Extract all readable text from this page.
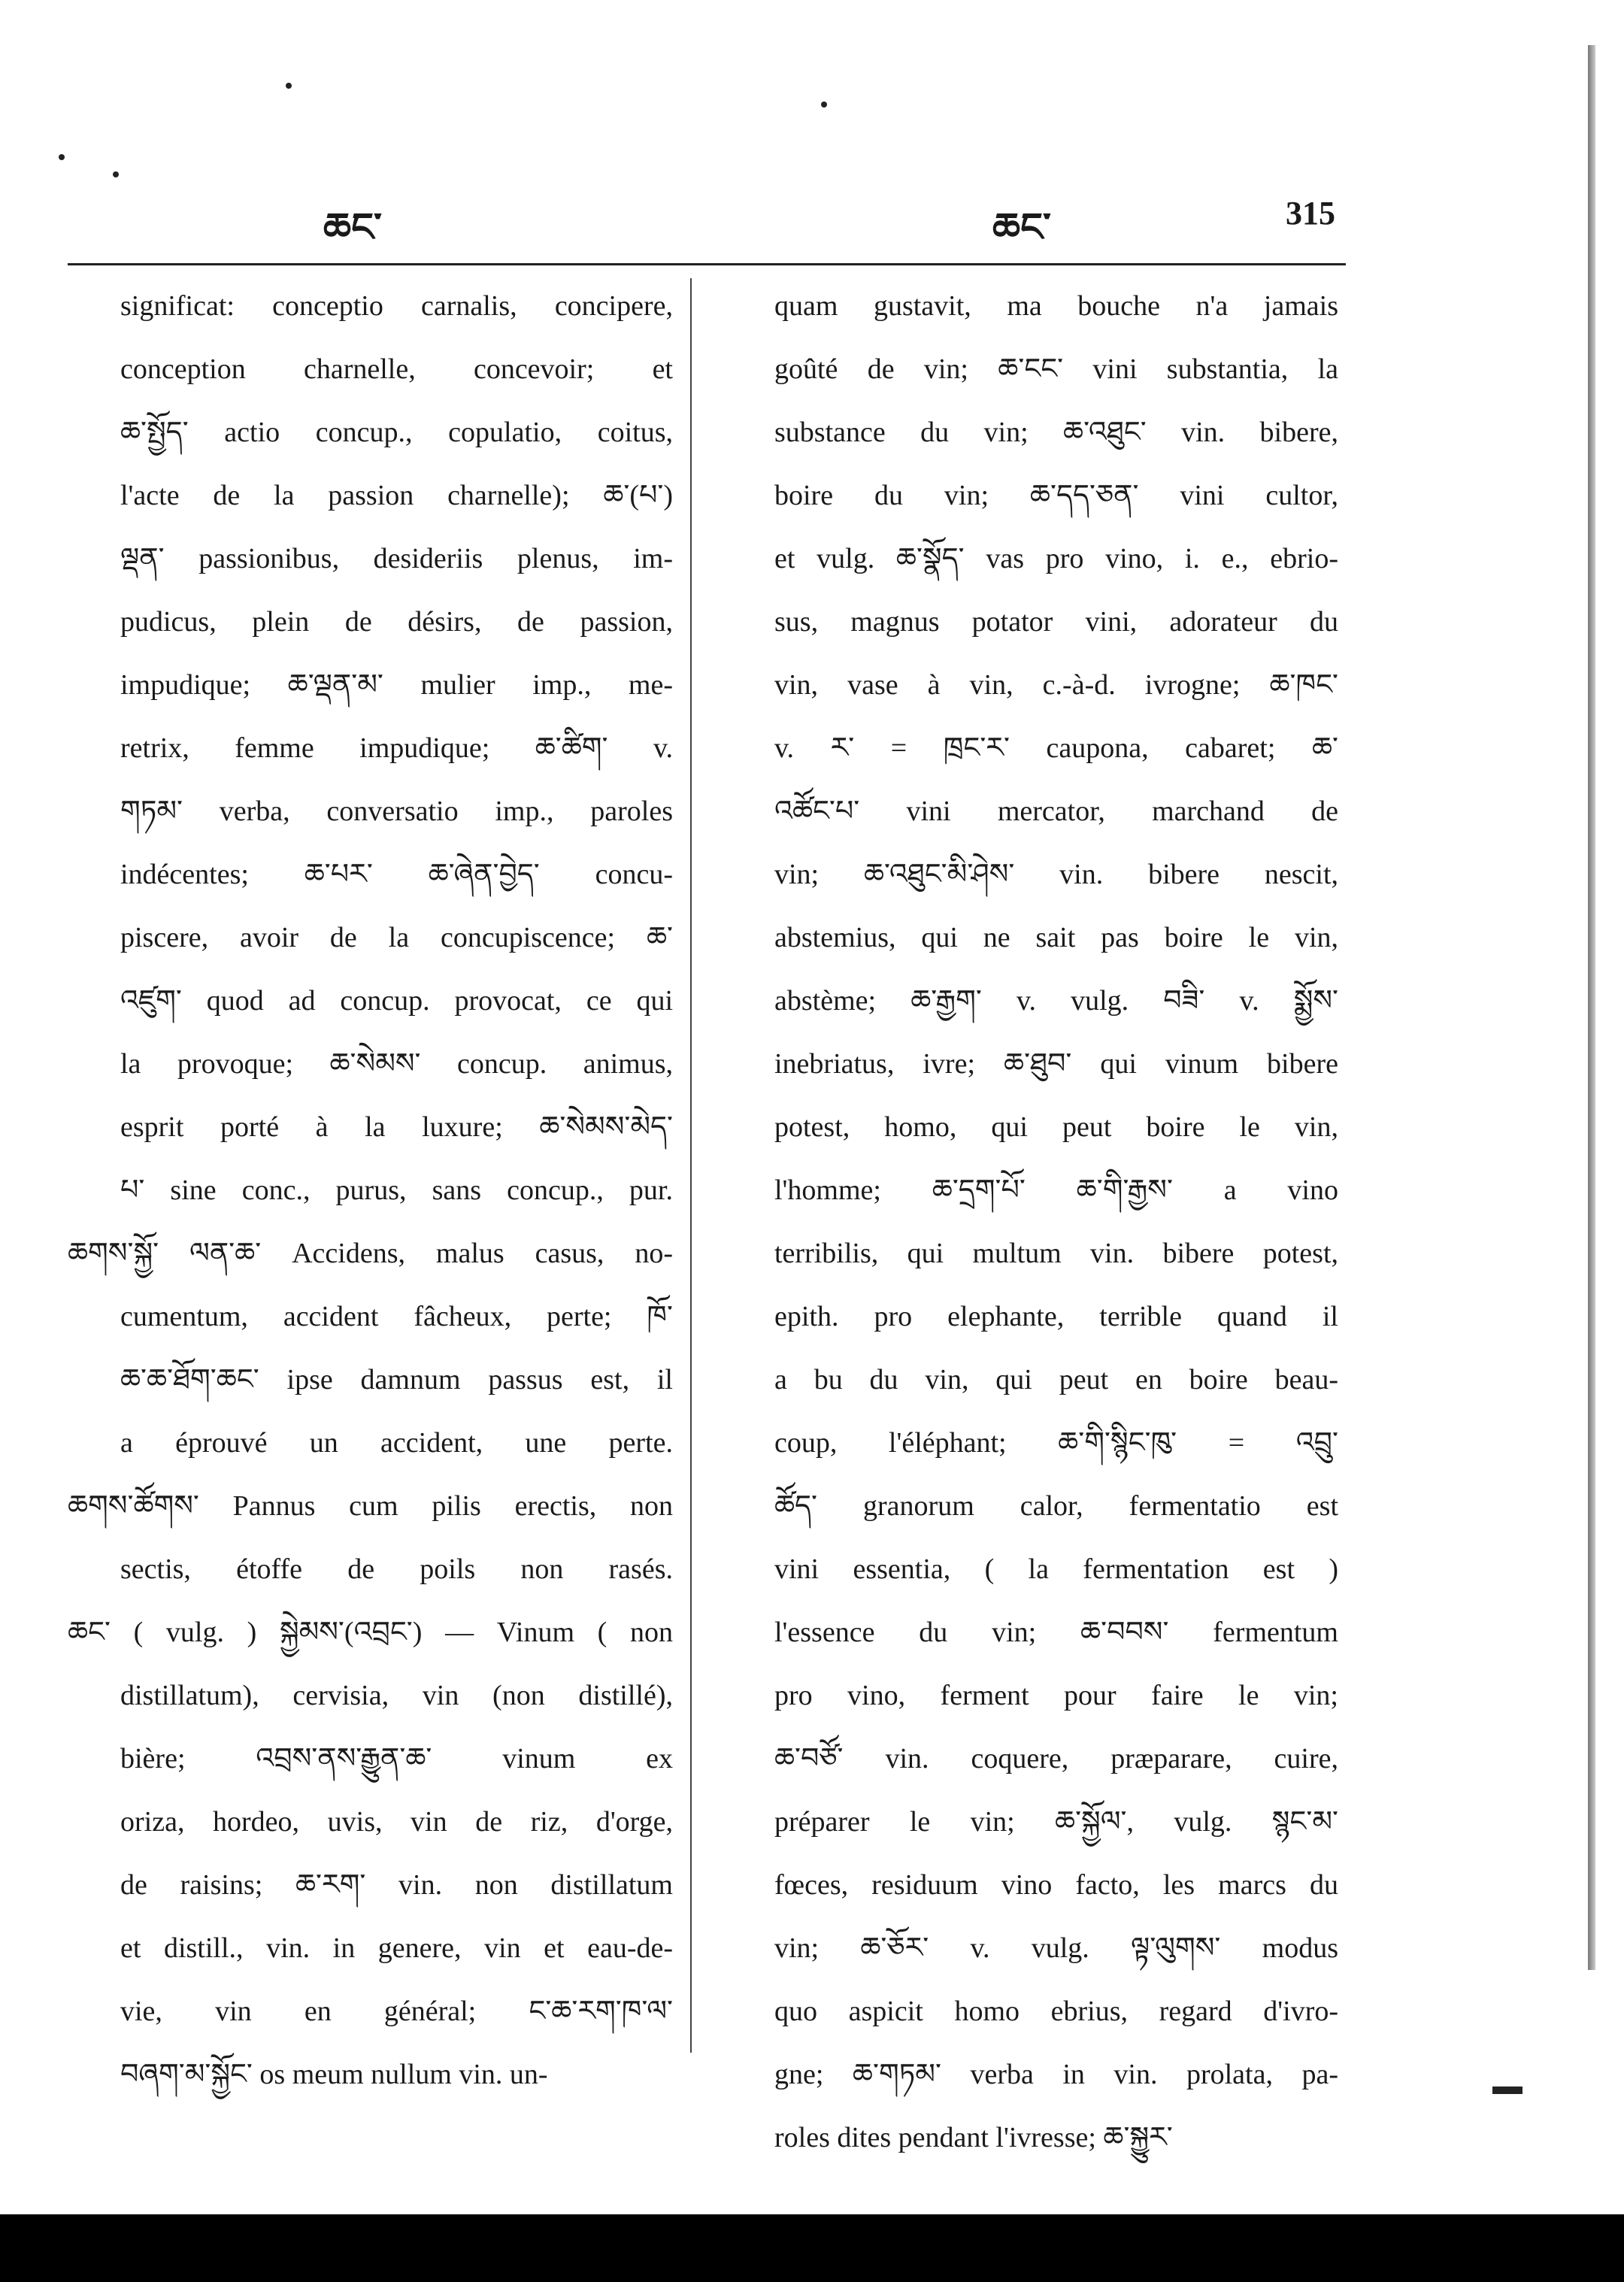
ཆང་	ཆང་	315
significat: conceptio carnalis, concipere,
conception charnelle, concevoir; et
ཆ་སྤྱོད་ actio concup., copulatio, coitus,
l'acte de la passion charnelle); ཆ་(པ་)
ལྡན་ passionibus, desideriis plenus, im-
pudicus, plein de désirs, de passion,
impudique; ཆ་ལྡན་མ་ mulier imp., me-
retrix, femme impudique; ཆ་ཚིག་ v.
གཏམ་ verba, conversatio imp., paroles
indécentes; ཆ་པར་ ཆ་ཞེན་བྱེད་ concu-
piscere, avoir de la concupiscence; ཆ་
འཛུག་ quod ad concup. provocat, ce qui
la provoque; ཆ་སེམས་ concup. animus,
esprit porté à la luxure; ཆ་སེམས་མེད་
པ་ sine conc., purus, sans concup., pur.
ཆགས་སྐྱོ་ ལན་ཆ་ Accidens, malus casus, no-
cumentum, accident fâcheux, perte; ཁོ་
ཆ་ཆ་ཐོག་ཆང་ ipse damnum passus est, il
a éprouvé un accident, une perte.
ཆགས་ཚོགས་ Pannus cum pilis erectis, non
sectis, étoffe de poils non rasés.
ཆང་ ( vulg. ) སྐྱེམས་(འབྲང་) — Vinum ( non
distillatum), cervisia, vin (non distillé),
bière; འབྲས་ནས་རྒྱུན་ཆ་ vinum ex
oriza, hordeo, uvis, vin de riz, d'orge,
de raisins; ཆ་རག་ vin. non distillatum
et distill., vin. in genere, vin et eau-de-
vie, vin en général; ང་ཆ་རག་ཁ་ལ་
བཞག་མ་སྐྱོང་ os meum nullum vin. un-
quam gustavit, ma bouche n'a jamais
goûté de vin; ཆ་ངང་ vini substantia, la
substance du vin; ཆ་འཐུང་ vin. bibere,
boire du vin; ཆ་དད་ཅན་ vini cultor,
et vulg. ཆ་སྣོད་ vas pro vino, i. e., ebrio-
sus, magnus potator vini, adorateur du
vin, vase à vin, c.-à-d. ivrogne; ཆ་ཁང་
v. ར་ = ཁྲང་ར་ caupona, cabaret; ཆ་
འཚོང་པ་ vini mercator, marchand de
vin; ཆ་འཐུང་མི་ཤེས་ vin. bibere nescit,
abstemius, qui ne sait pas boire le vin,
abstème; ཆ་རྒྱག་ v. vulg. བཟི་ v. སྨྱོས་
inebriatus, ivre; ཆ་ཐུབ་ qui vinum bibere
potest, homo, qui peut boire le vin,
l'homme; ཆ་དྲག་པོ་ ཆ་གི་རྒྱས་ a vino
terribilis, qui multum vin. bibere potest,
epith. pro elephante, terrible quand il
a bu du vin, qui peut en boire beau-
coup, l'éléphant; ཆ་གི་སྙིང་ཁུ་ = འབྲུ་
ཚོད་ granorum calor, fermentatio est
vini essentia, ( la fermentation est )
l'essence du vin; ཆ་བབས་ fermentum
pro vino, ferment pour faire le vin;
ཆ་བཙོ་ vin. coquere, præparare, cuire,
préparer le vin; ཆ་སྐྱོལ་, vulg. སྙང་མ་
fœces, residuum vino facto, les marcs du
vin; ཆ་ཅོར་ v. vulg. ལྟ་ལུགས་ modus
quo aspicit homo ebrius, regard d'ivro-
gne; ཆ་གཏམ་ verba in vin. prolata, pa-
roles dites pendant l'ivresse; ཆ་སྐྱུར་
